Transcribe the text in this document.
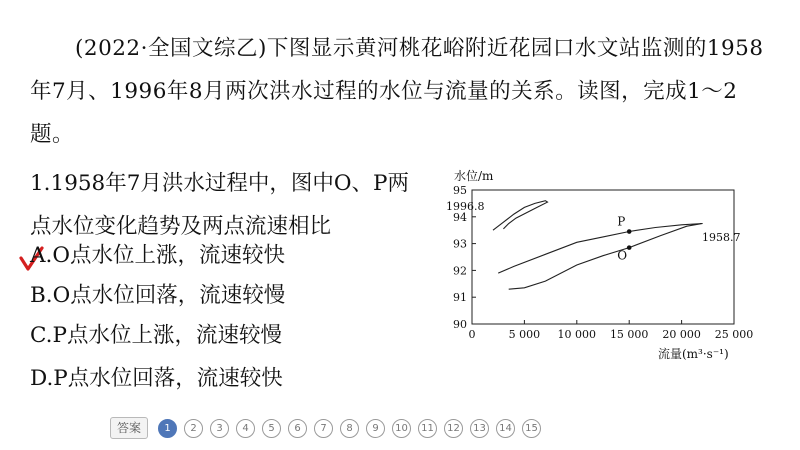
(2022·全国文综乙)下图显示黄河桃花峪附近花园口水文站监测的1958年7月、1996年8月两次洪水过程的水位与流量的关系。读图，完成1～2题。
1.1958年7月洪水过程中，图中O、P两点水位变化趋势及两点流速相比
A.O点水位上涨，流速较快
B.O点水位回落，流速较慢
C.P点水位上涨，流速较慢
D.P点水位回落，流速较快
90
91
92
93
94
95
0	5 000 10 000 15 000 20 000 25 000
水位/m
流量(m³·s⁻¹)
1996.8
1958.7
P
O
答案	1	2	3	4	5	6	7	8	9	10	11	12	13	14	15
